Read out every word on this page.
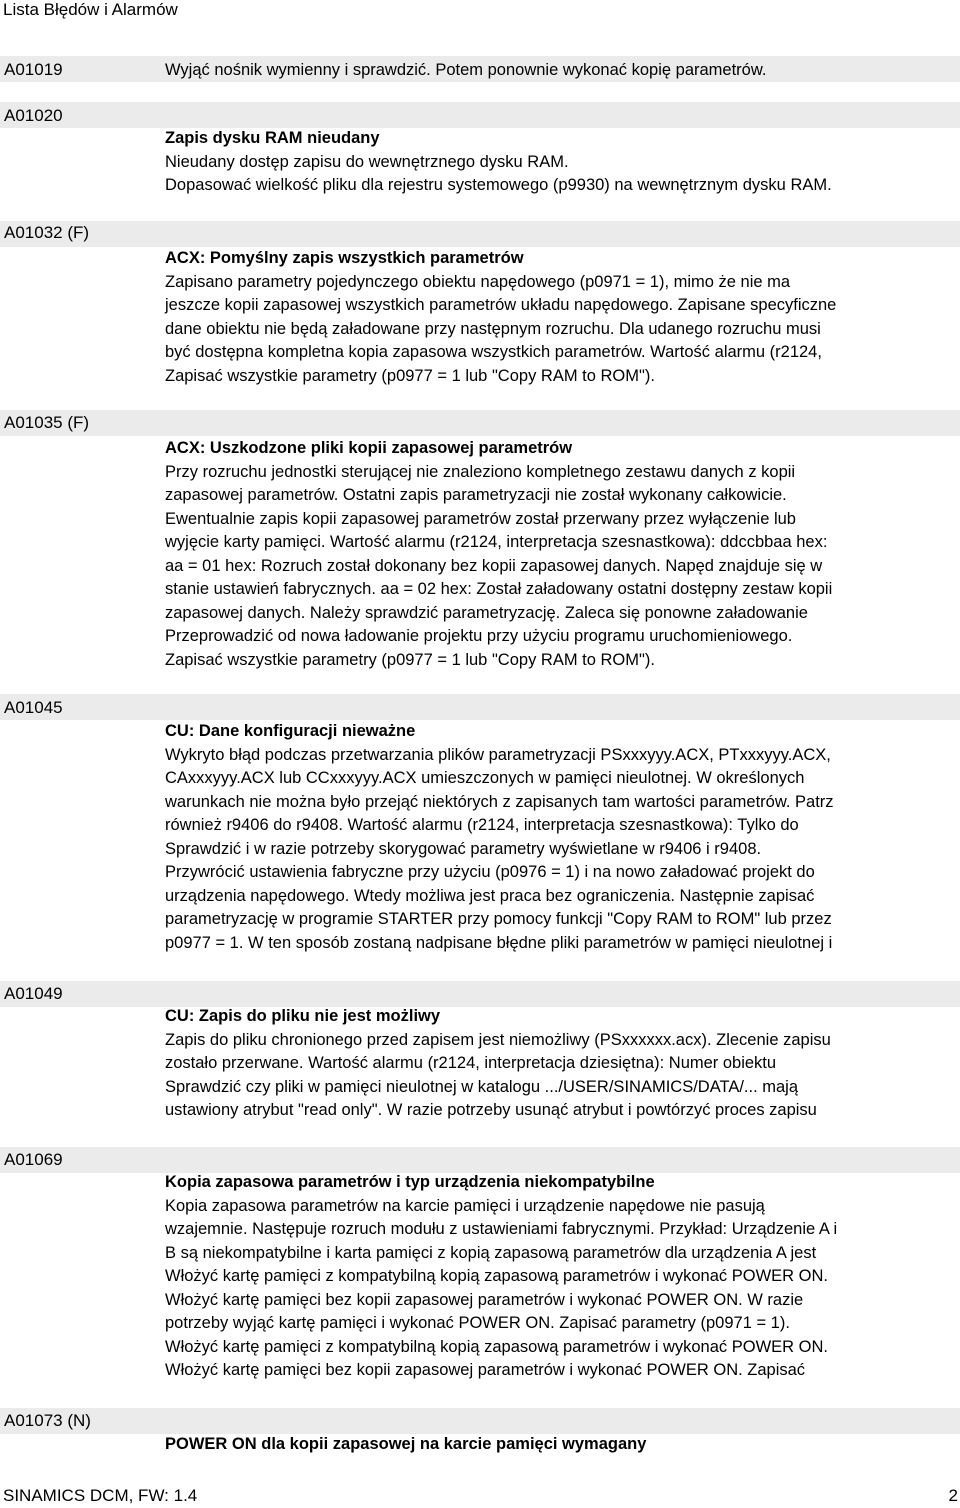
Lista Błędów i Alarmów
A01019	Wyjąć nośnik wymienny i sprawdzić. Potem ponownie wykonać kopię parametrów.
A01020
Zapis dysku RAM nieudany
Nieudany dostęp zapisu do wewnętrznego dysku RAM.
Dopasować wielkość pliku dla rejestru systemowego (p9930) na wewnętrznym dysku RAM.
A01032 (F)
ACX: Pomyślny zapis wszystkich parametrów
Zapisano parametry pojedynczego obiektu napędowego (p0971 = 1), mimo że nie ma
jeszcze kopii zapasowej wszystkich parametrów układu napędowego. Zapisane specyficzne
dane obiektu nie będą załadowane przy następnym rozruchu. Dla udanego rozruchu musi
być dostępna kompletna kopia zapasowa wszystkich parametrów. Wartość alarmu (r2124,
Zapisać wszystkie parametry (p0977 = 1 lub "Copy RAM to ROM").
A01035 (F)
ACX: Uszkodzone pliki kopii zapasowej parametrów
Przy rozruchu jednostki sterującej nie znaleziono kompletnego zestawu danych z kopii
zapasowej parametrów. Ostatni zapis parametryzacji nie został wykonany całkowicie.
Ewentualnie zapis kopii zapasowej parametrów został przerwany przez wyłączenie lub
wyjęcie karty pamięci. Wartość alarmu (r2124, interpretacja szesnastkowa): ddccbbaa hex:
aa = 01 hex: Rozruch został dokonany bez kopii zapasowej danych. Napęd znajduje się w
stanie ustawień fabrycznych. aa = 02 hex: Został załadowany ostatni dostępny zestaw kopii
zapasowej danych. Należy sprawdzić parametryzację. Zaleca się ponowne załadowanie
Przeprowadzić od nowa ładowanie projektu przy użyciu programu uruchomieniowego.
Zapisać wszystkie parametry (p0977 = 1 lub "Copy RAM to ROM").
A01045
CU: Dane konfiguracji nieważne
Wykryto błąd podczas przetwarzania plików parametryzacji PSxxxyyy.ACX, PTxxxyyy.ACX,
CAxxxyyy.ACX lub CCxxxyyy.ACX umieszczonych w pamięci nieulotnej. W określonych
warunkach nie można było przejąć niektórych z zapisanych tam wartości parametrów. Patrz
również r9406 do r9408. Wartość alarmu (r2124, interpretacja szesnastkowa): Tylko do
Sprawdzić i w razie potrzeby skorygować parametry wyświetlane w r9406 i r9408.
Przywrócić ustawienia fabryczne przy użyciu (p0976 = 1) i na nowo załadować projekt do
urządzenia napędowego. Wtedy możliwa jest praca bez ograniczenia. Następnie zapisać
parametryzację w programie STARTER przy pomocy funkcji "Copy RAM to ROM" lub przez
p0977 = 1. W ten sposób zostaną nadpisane błędne pliki parametrów w pamięci nieulotnej i
A01049
CU: Zapis do pliku nie jest możliwy
Zapis do pliku chronionego przed zapisem jest niemożliwy (PSxxxxxx.acx). Zlecenie zapisu
zostało przerwane. Wartość alarmu (r2124, interpretacja dziesiętna): Numer obiektu
Sprawdzić czy pliki w pamięci nieulotnej w katalogu .../USER/SINAMICS/DATA/... mają
ustawiony atrybut "read only". W razie potrzeby usunąć atrybut i powtórzyć proces zapisu
A01069
Kopia zapasowa parametrów i typ urządzenia niekompatybilne
Kopia zapasowa parametrów na karcie pamięci i urządzenie napędowe nie pasują
wzajemnie. Następuje rozruch modułu z ustawieniami fabrycznymi. Przykład: Urządzenie A i
B są niekompatybilne i karta pamięci z kopią zapasową parametrów dla urządzenia A jest
Włożyć kartę pamięci z kompatybilną kopią zapasową parametrów i wykonać POWER ON.
Włożyć kartę pamięci bez kopii zapasowej parametrów i wykonać POWER ON. W razie
potrzeby wyjąć kartę pamięci i wykonać POWER ON. Zapisać parametry (p0971 = 1).
Włożyć kartę pamięci z kompatybilną kopią zapasową parametrów i wykonać POWER ON.
Włożyć kartę pamięci bez kopii zapasowej parametrów i wykonać POWER ON. Zapisać
A01073 (N)
POWER ON dla kopii zapasowej na karcie pamięci wymagany
SINAMICS DCM, FW: 1.4	2
